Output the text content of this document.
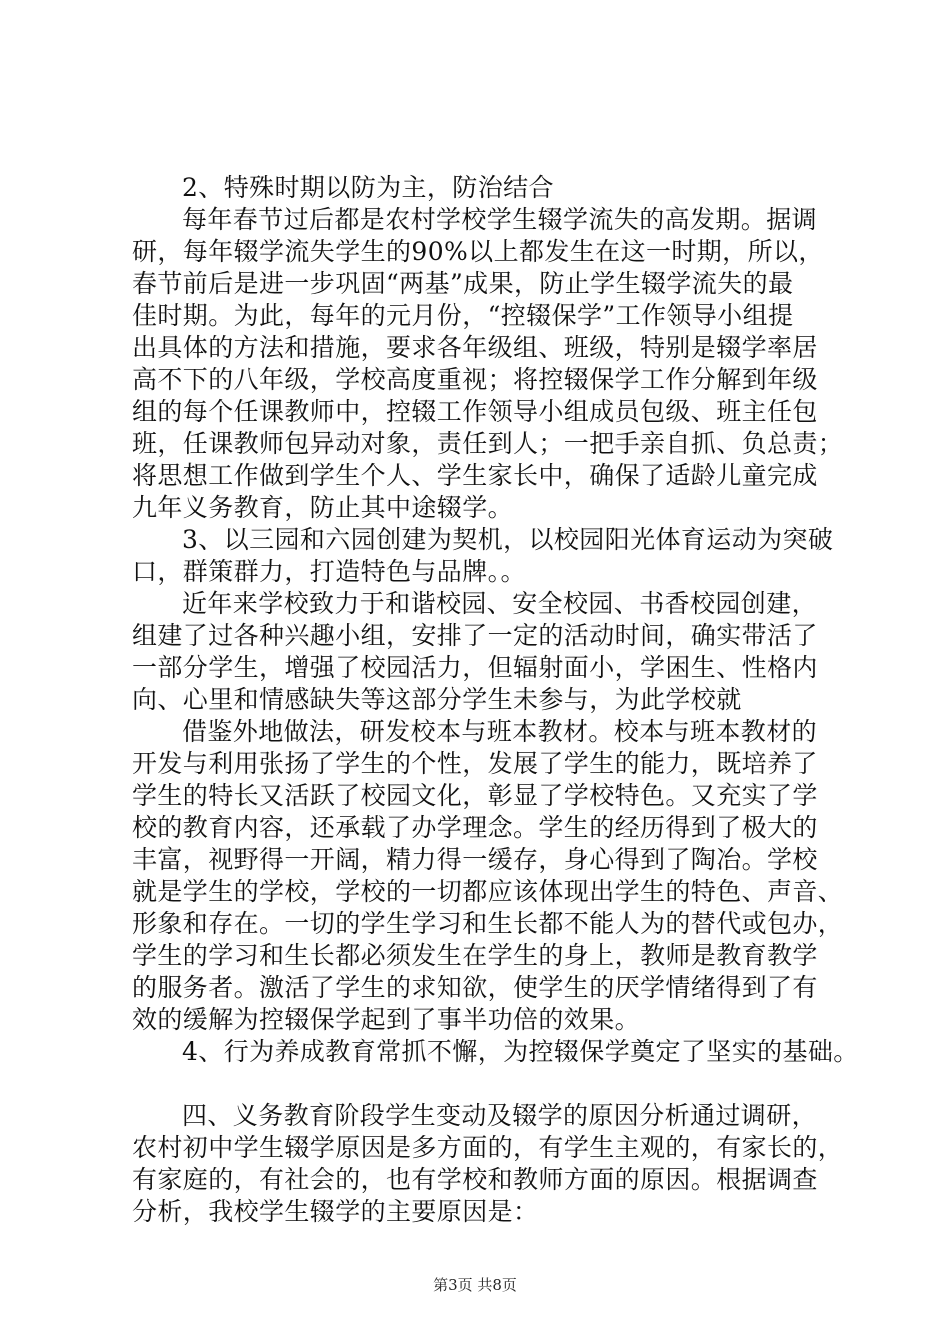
2、特殊时期以防为主，防治结合
每年春节过后都是农村学校学生辍学流失的高发期。据调
研，每年辍学流失学生的90%以上都发生在这一时期，所以，
春节前后是进一步巩固“两基”成果，防止学生辍学流失的最
佳时期。为此，每年的元月份，“控辍保学”工作领导小组提
出具体的方法和措施，要求各年级组、班级，特别是辍学率居
高不下的八年级，学校高度重视；将控辍保学工作分解到年级
组的每个任课教师中，控辍工作领导小组成员包级、班主任包
班，任课教师包异动对象，责任到人；一把手亲自抓、负总责；
将思想工作做到学生个人、学生家长中，确保了适龄儿童完成
九年义务教育，防止其中途辍学。
3、以三园和六园创建为契机，以校园阳光体育运动为突破
口，群策群力，打造特色与品牌。。
近年来学校致力于和谐校园、安全校园、书香校园创建，
组建了过各种兴趣小组，安排了一定的活动时间，确实带活了
一部分学生，增强了校园活力，但辐射面小，学困生、性格内
向、心里和情感缺失等这部分学生未参与，为此学校就
借鉴外地做法，研发校本与班本教材。校本与班本教材的
开发与利用张扬了学生的个性，发展了学生的能力，既培养了
学生的特长又活跃了校园文化，彰显了学校特色。又充实了学
校的教育内容，还承载了办学理念。学生的经历得到了极大的
丰富，视野得一开阔，精力得一缓存，身心得到了陶冶。学校
就是学生的学校，学校的一切都应该体现出学生的特色、声音、
形象和存在。一切的学生学习和生长都不能人为的替代或包办，
学生的学习和生长都必须发生在学生的身上，教师是教育教学
的服务者。激活了学生的求知欲，使学生的厌学情绪得到了有
效的缓解为控辍保学起到了事半功倍的效果。
4、行为养成教育常抓不懈，为控辍保学奠定了坚实的基础。
四、义务教育阶段学生变动及辍学的原因分析通过调研，
农村初中学生辍学原因是多方面的，有学生主观的，有家长的，
有家庭的，有社会的，也有学校和教师方面的原因。根据调查
分析，我校学生辍学的主要原因是：
第3页 共8页
